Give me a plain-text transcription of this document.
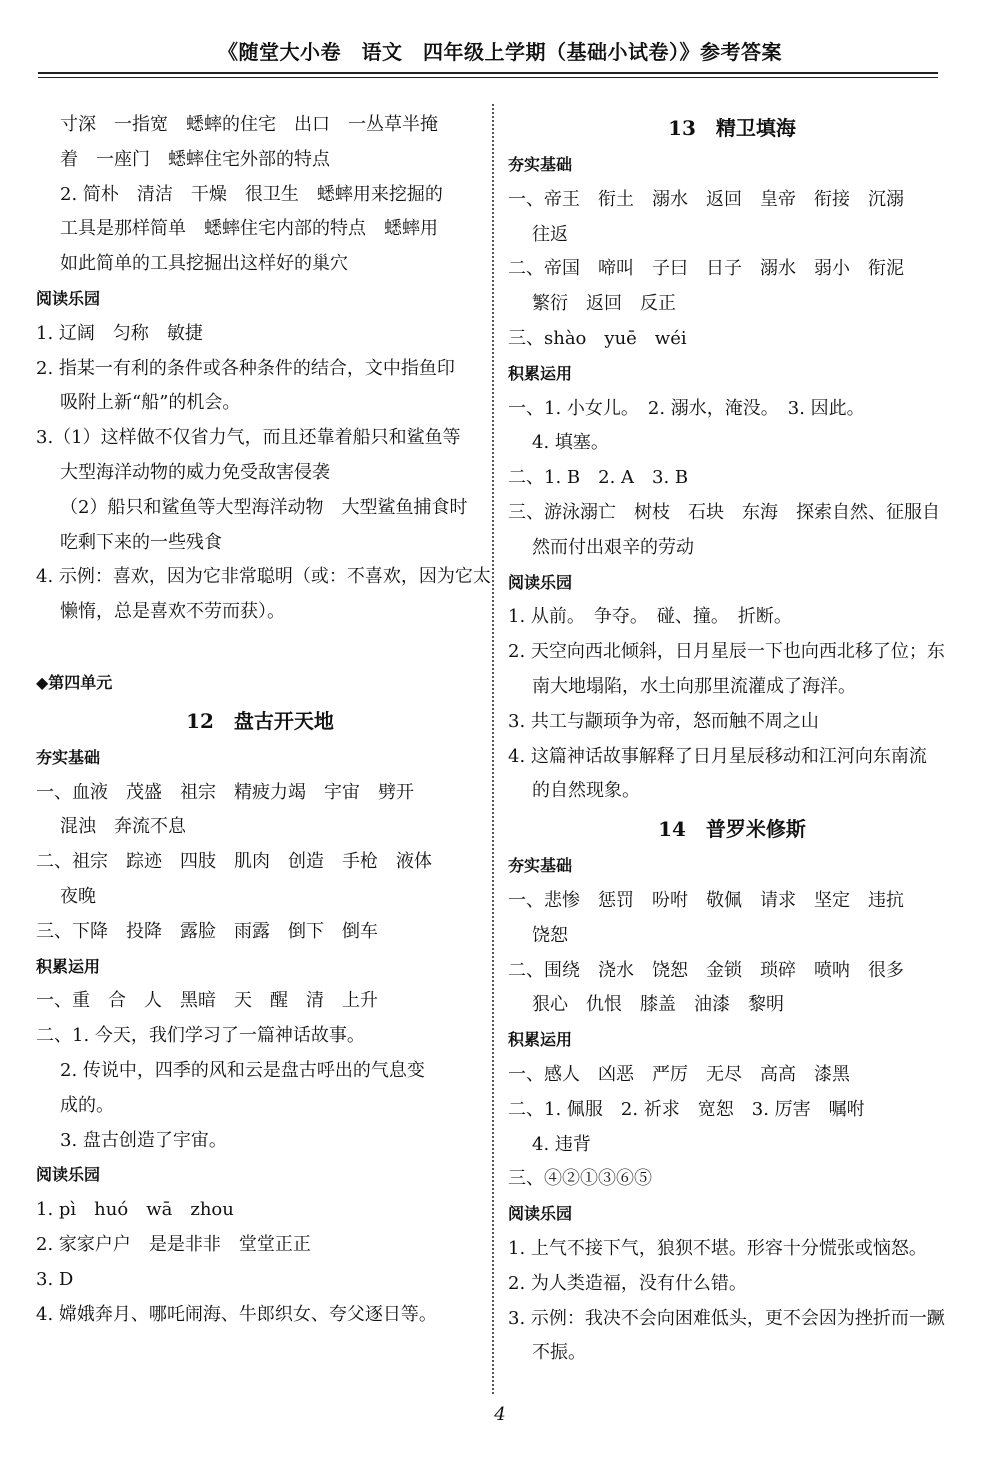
《随堂大小卷　语文　四年级上学期（基础小试卷）》参考答案
寸深　一指宽　蟋蟀的住宅　出口　一丛草半掩
着　一座门　蟋蟀住宅外部的特点
2. 简朴　清洁　干燥　很卫生　蟋蟀用来挖掘的
工具是那样简单　蟋蟀住宅内部的特点　蟋蟀用
如此简单的工具挖掘出这样好的巢穴
阅读乐园
1. 辽阔　匀称　敏捷
2. 指某一有利的条件或各种条件的结合，文中指鱼印
吸附上新“船”的机会。
3.（1）这样做不仅省力气，而且还靠着船只和鲨鱼等
大型海洋动物的威力免受敌害侵袭
（2）船只和鲨鱼等大型海洋动物　大型鲨鱼捕食时
吃剩下来的一些残食
4. 示例：喜欢，因为它非常聪明（或：不喜欢，因为它太
懒惰，总是喜欢不劳而获）。
◆第四单元
12　盘古开天地
夯实基础
一、血液　茂盛　祖宗　精疲力竭　宇宙　劈开
混浊　奔流不息
二、祖宗　踪迹　四肢　肌肉　创造　手枪　液体
夜晚
三、下降　投降　露脸　雨露　倒下　倒车
积累运用
一、重　合　人　黑暗　天　醒　清　上升
二、1. 今天，我们学习了一篇神话故事。
2. 传说中，四季的风和云是盘古呼出的气息变
成的。
3. 盘古创造了宇宙。
阅读乐园
1. pì　huó　wā　zhou
2. 家家户户　是是非非　堂堂正正
3. D
4. 嫦娥奔月、哪吒闹海、牛郎织女、夸父逐日等。
13　精卫填海
夯实基础
一、帝王　衔土　溺水　返回　皇帝　衔接　沉溺
往返
二、帝国　啼叫　子曰　日子　溺水　弱小　衔泥
繁衍　返回　反正
三、shào　yuē　wéi
积累运用
一、1. 小女儿。　2. 溺水，淹没。　3. 因此。
4. 填塞。
二、1. B　2. A　3. B
三、游泳溺亡　树枝　石块　东海　探索自然、征服自
然而付出艰辛的劳动
阅读乐园
1. 从前。　争夺。　碰、撞。　折断。
2. 天空向西北倾斜，日月星辰一下也向西北移了位；东
南大地塌陷，水土向那里流灌成了海洋。
3. 共工与颛顼争为帝，怒而触不周之山
4. 这篇神话故事解释了日月星辰移动和江河向东南流
的自然现象。
14　普罗米修斯
夯实基础
一、悲惨　惩罚　吩咐　敬佩　请求　坚定　违抗
饶恕
二、围绕　浇水　饶恕　金锁　琐碎　喷呐　很多
狠心　仇恨　膝盖　油漆　黎明
积累运用
一、感人　凶恶　严厉　无尽　高高　漆黑
二、1. 佩服　2. 祈求　宽恕　3. 厉害　嘱咐
4. 违背
三、④②①③⑥⑤
阅读乐园
1. 上气不接下气，狼狈不堪。形容十分慌张或恼怒。
2. 为人类造福，没有什么错。
3. 示例：我决不会向困难低头，更不会因为挫折而一蹶
不振。
4
